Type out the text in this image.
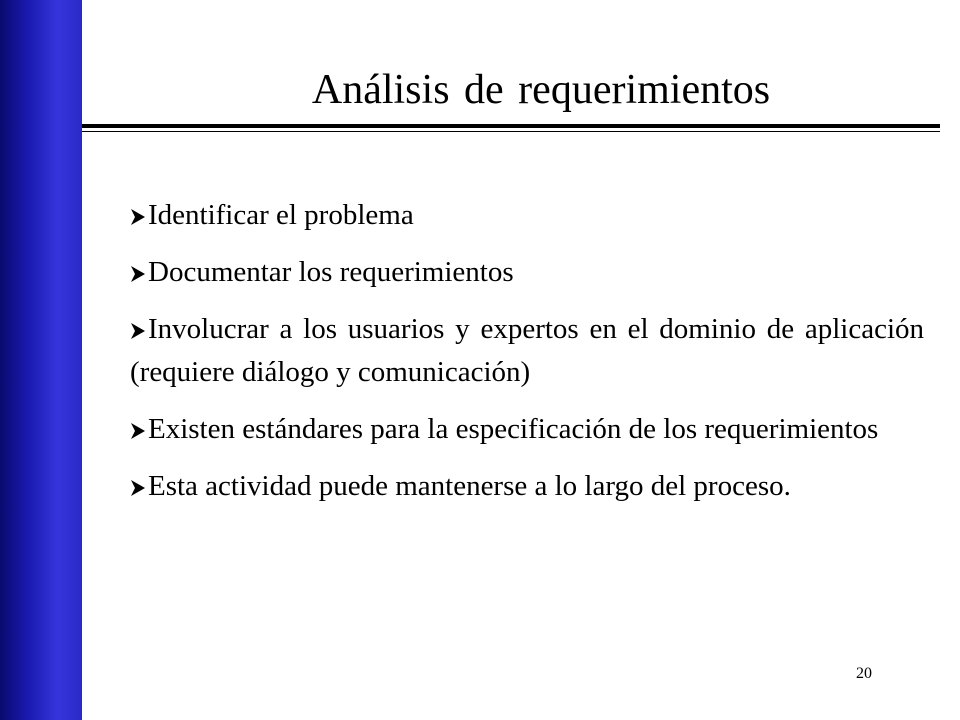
Análisis de requerimientos
Identificar el problema
Documentar los requerimientos
Involucrar a los usuarios y expertos en el dominio de aplicación (requiere diálogo y comunicación)
Existen estándares para la especificación de los requerimientos
Esta actividad puede mantenerse a lo largo del proceso.
20
